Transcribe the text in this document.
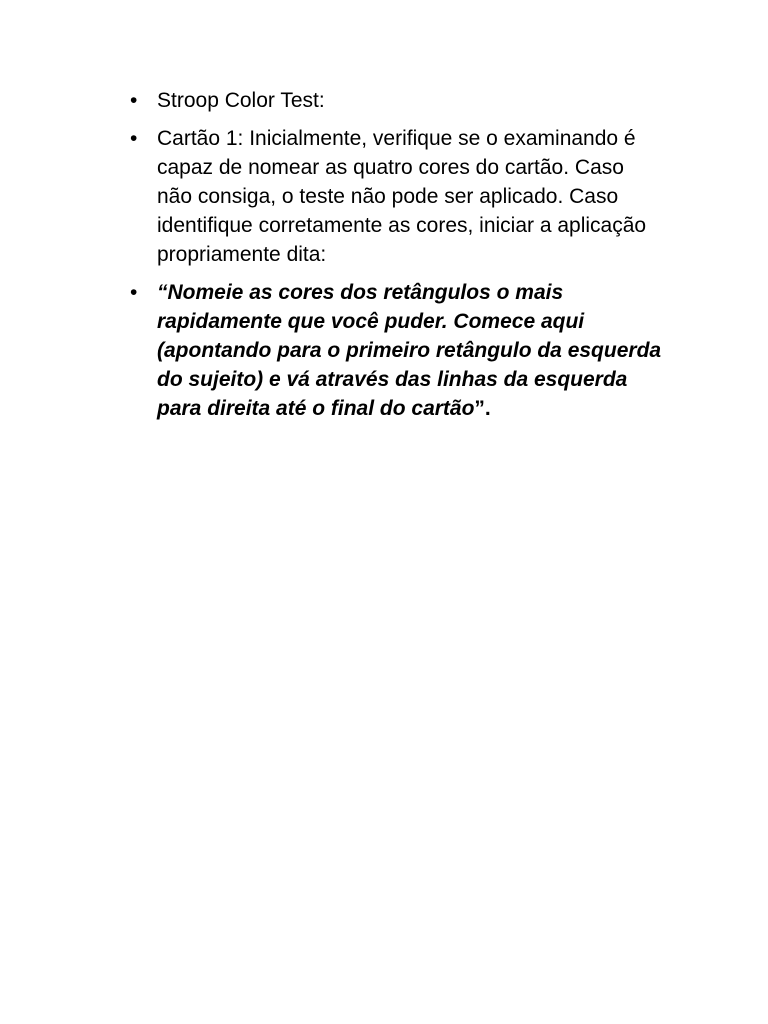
• Stroop Color Test:
• Cartão 1: Inicialmente, verifique se o examinando é
capaz de nomear as quatro cores do cartão. Caso
não consiga, o teste não pode ser aplicado. Caso
identifique corretamente as cores, iniciar a aplicação
propriamente dita:
• “Nomeie as cores dos retângulos o mais
rapidamente que você puder. Comece aqui
(apontando para o primeiro retângulo da esquerda
do sujeito) e vá através das linhas da esquerda
para direita até o final do cartão”.
